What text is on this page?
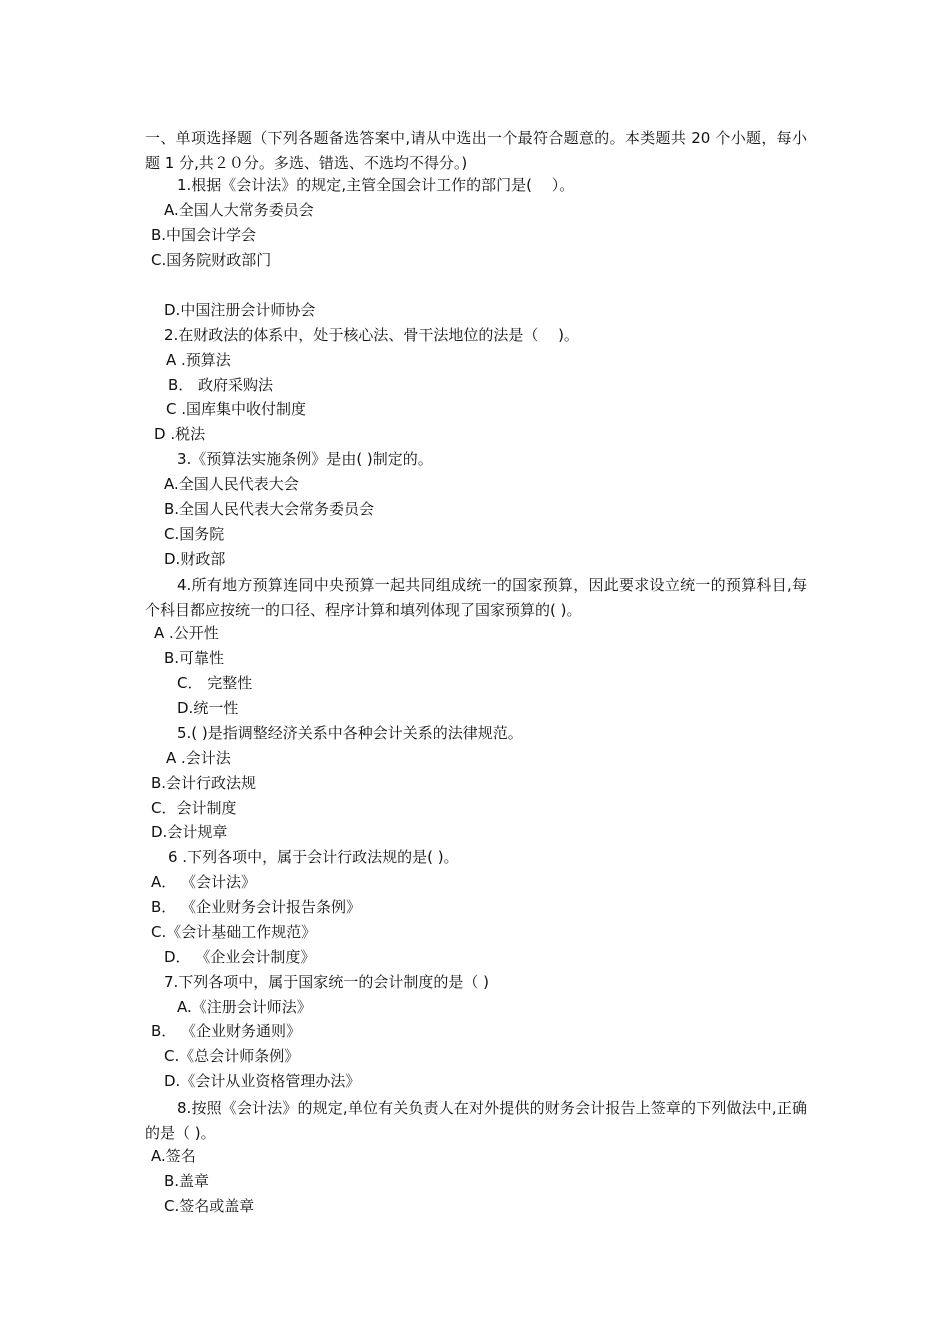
一、单项选择题（下列各题备选答案中,请从中选出一个最符合题意的。本类题共 20 个小题，每小题 1 分,共２０分。多选、错选、不选均不得分。)
1.根据《会计法》的规定,主管全国会计工作的部门是(　 ）。
A.全国人大常务委员会
B.中国会计学会
C.国务院财政部门
D.中国注册会计师协会
2.在财政法的体系中，处于核心法、骨干法地位的法是（　 )。
A .预算法
B． 政府采购法
C .国库集中收付制度
D .税法
3.《预算法实施条例》是由( )制定的。
A.全国人民代表大会
B.全国人民代表大会常务委员会
C.国务院
D.财政部
4.所有地方预算连同中央预算一起共同组成统一的国家预算，因此要求设立统一的预算科目,每个科目都应按统一的口径、程序计算和填列体现了国家预算的( )。
A .公开性
B.可靠性
C． 完整性
D.统一性
5.( )是指调整经济关系中各种会计关系的法律规范。
A .会计法
B.会计行政法规
C．会计制度
D.会计规章
6 .下列各项中，属于会计行政法规的是( )。
A． 《会计法》
B． 《企业财务会计报告条例》
C.《会计基础工作规范》
D． 《企业会计制度》
7.下列各项中，属于国家统一的会计制度的是（ )
A.《注册会计师法》
B． 《企业财务通则》
C.《总会计师条例》
D.《会计从业资格管理办法》
8.按照《会计法》的规定,单位有关负责人在对外提供的财务会计报告上签章的下列做法中,正确的是（ )。
A.签名
B.盖章
C.签名或盖章
